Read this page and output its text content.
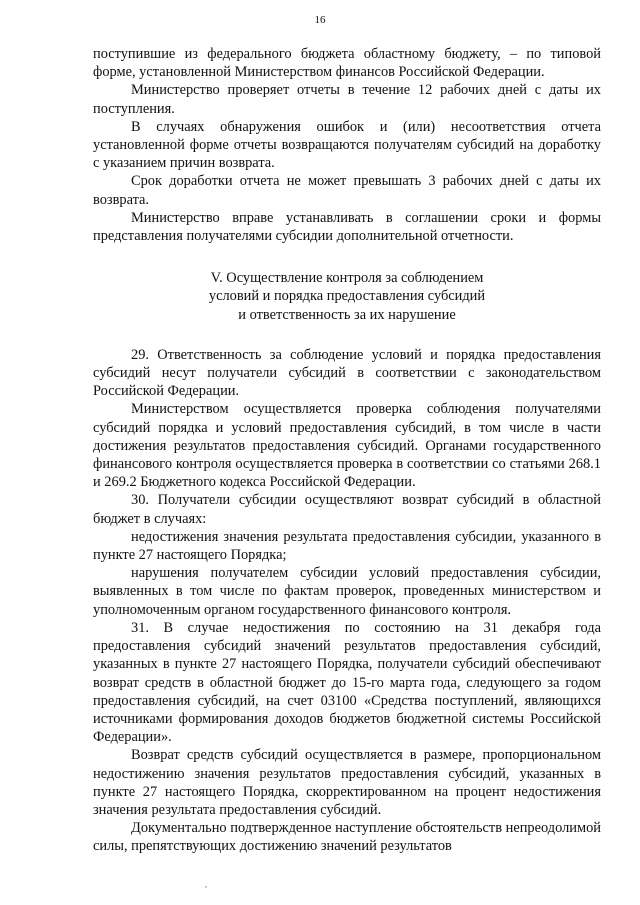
16

поступившие из федерального бюджета областному бюджету, – по типовой форме, установленной Министерством финансов Российской Федерации.

Министерство проверяет отчеты в течение 12 рабочих дней с даты их поступления.

В случаях обнаружения ошибок и (или) несоответствия отчета установленной форме отчеты возвращаются получателям субсидий на доработку с указанием причин возврата.

Срок доработки отчета не может превышать 3 рабочих дней с даты их возврата.

Министерство вправе устанавливать в соглашении сроки и формы представления получателями субсидии дополнительной отчетности.

V. Осуществление контроля за соблюдением
условий и порядка предоставления субсидий
и ответственность за их нарушение

29. Ответственность за соблюдение условий и порядка предоставления субсидий несут получатели субсидий в соответствии с законодательством Российской Федерации.

Министерством осуществляется проверка соблюдения получателями субсидий порядка и условий предоставления субсидий, в том числе в части достижения результатов предоставления субсидий. Органами государственного финансового контроля осуществляется проверка в соответствии со статьями 268.1 и 269.2 Бюджетного кодекса Российской Федерации.

30. Получатели субсидии осуществляют возврат субсидий в областной бюджет в случаях:

недостижения значения результата предоставления субсидии, указанного в пункте 27 настоящего Порядка;

нарушения получателем субсидии условий предоставления субсидии, выявленных в том числе по фактам проверок, проведенных министерством и уполномоченным органом государственного финансового контроля.

31. В случае недостижения по состоянию на 31 декабря года предоставления субсидий значений результатов предоставления субсидий, указанных в пункте 27 настоящего Порядка, получатели субсидий обеспечивают возврат средств в областной бюджет до 15-го марта года, следующего за годом предоставления субсидий, на счет 03100 «Средства поступлений, являющихся источниками формирования доходов бюджетов бюджетной системы Российской Федерации».

Возврат средств субсидий осуществляется в размере, пропорциональном недостижению значения результатов предоставления субсидий, указанных в пункте 27 настоящего Порядка, скорректированном на процент недостижения значения результата предоставления субсидий.

Документально подтвержденное наступление обстоятельств непреодолимой силы, препятствующих достижению значений результатов

,
